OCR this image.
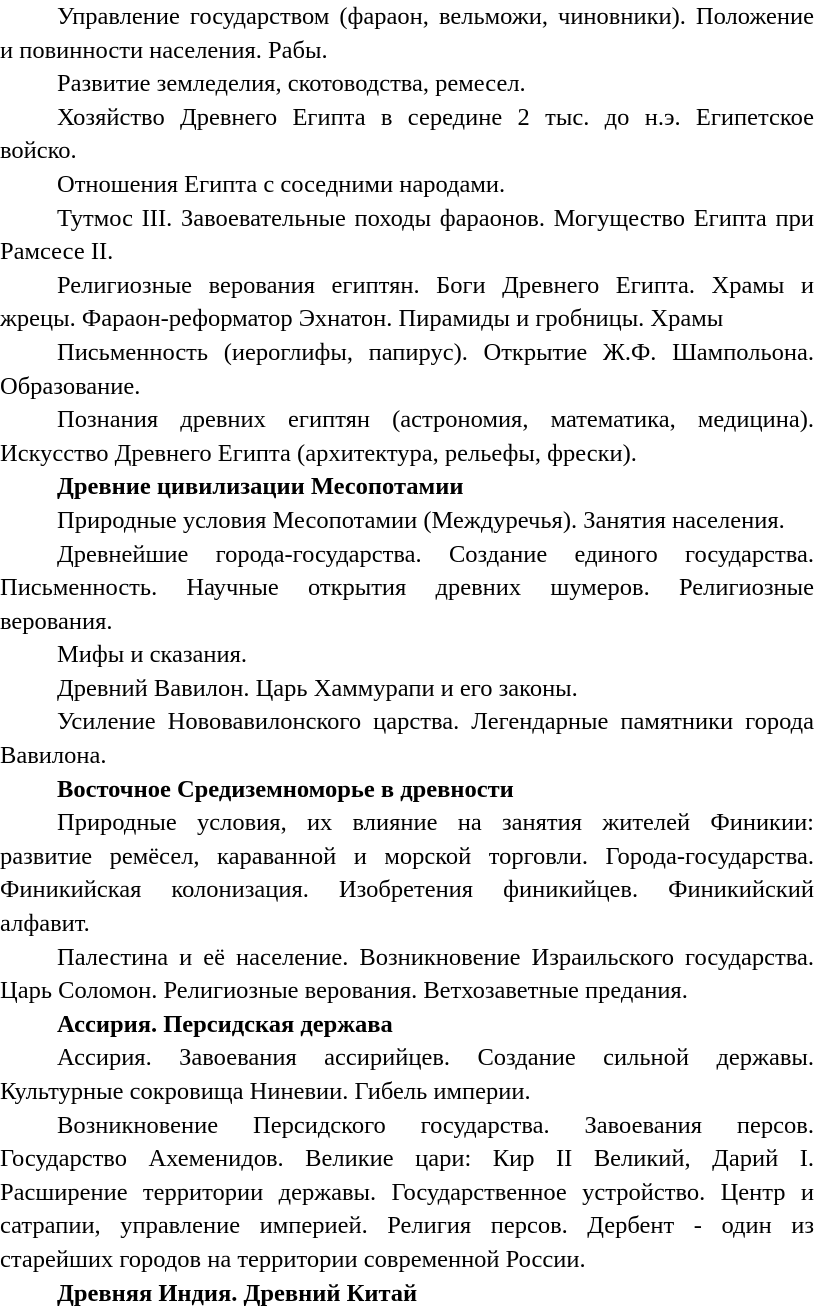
Управление государством (фараон, вельможи, чиновники). Положение
и повинности населения. Рабы.
Развитие земледелия, скотоводства, ремесел.
Хозяйство Древнего Египта в середине 2 тыс. до н.э. Египетское
войско.
Отношения Египта с соседними народами.
Тутмос III. Завоевательные походы фараонов. Могущество Египта при
Рамсесе II.
Религиозные верования египтян. Боги Древнего Египта. Храмы и
жрецы. Фараон-реформатор Эхнатон. Пирамиды и гробницы. Храмы
Письменность (иероглифы, папирус). Открытие Ж.Ф. Шампольона.
Образование.
Познания древних египтян (астрономия, математика, медицина).
Искусство Древнего Египта (архитектура, рельефы, фрески).
Древние цивилизации Месопотамии
Природные условия Месопотамии (Междуречья). Занятия населения.
Древнейшие города-государства. Создание единого государства.
Письменность. Научные открытия древних шумеров. Религиозные
верования.
Мифы и сказания.
Древний Вавилон. Царь Хаммурапи и его законы.
Усиление Нововавилонского царства. Легендарные памятники города
Вавилона.
Восточное Средиземноморье в древности
Природные условия, их влияние на занятия жителей Финикии:
развитие ремёсел, караванной и морской торговли. Города-государства.
Финикийская колонизация. Изобретения финикийцев. Финикийский
алфавит.
Палестина и её население. Возникновение Израильского государства.
Царь Соломон. Религиозные верования. Ветхозаветные предания.
Ассирия. Персидская держава
Ассирия. Завоевания ассирийцев. Создание сильной державы.
Культурные сокровища Ниневии. Гибель империи.
Возникновение Персидского государства. Завоевания персов.
Государство Ахеменидов. Великие цари: Кир II Великий, Дарий I.
Расширение территории державы. Государственное устройство. Центр и
сатрапии, управление империей. Религия персов. Дербент - один из
старейших городов на территории современной России.
Древняя Индия. Древний Китай
